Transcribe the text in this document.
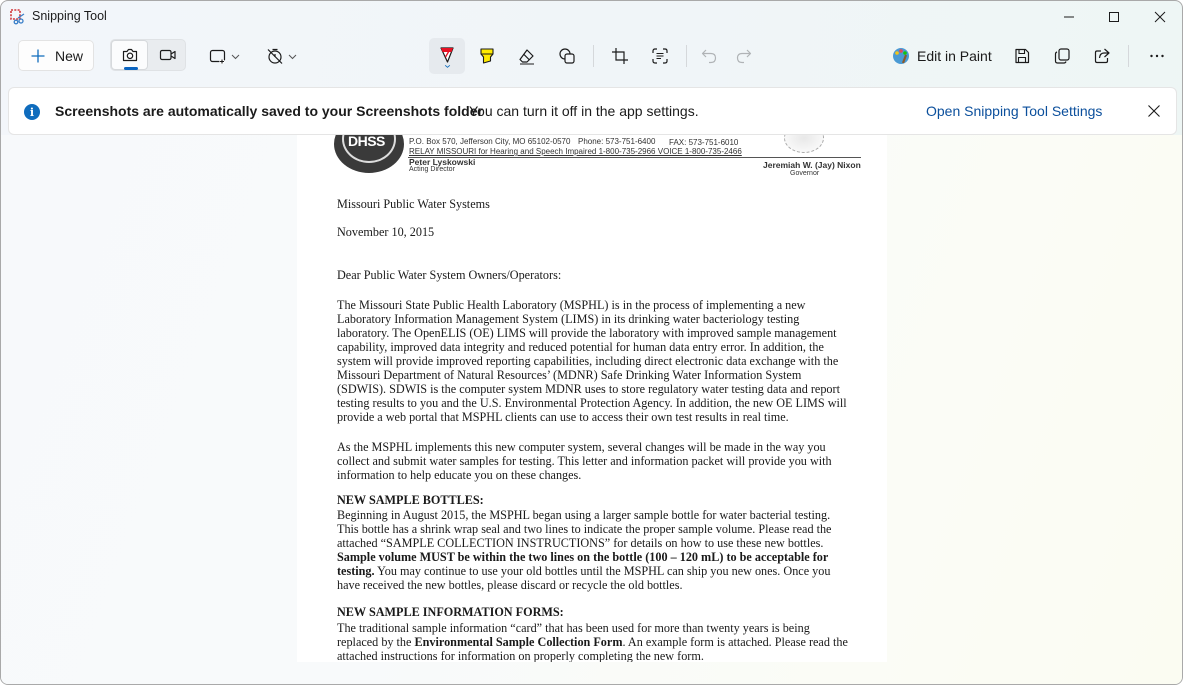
Snipping Tool
New	Edit in Paint
DHSS	P.O. Box 570, Jefferson City, MO 65102-0570 Phone: 573-751-6400 FAX: 573-751-6010
RELAY MISSOURI for Hearing and Speech Impaired 1-800-735-2966 VOICE 1-800-735-2466
Peter Lyskowski
Acting Director	Jeremiah W. (Jay) Nixon
Governor
Missouri Public Water Systems
November 10, 2015
Dear Public Water System Owners/Operators:
The Missouri State Public Health Laboratory (MSPHL) is in the process of implementing a new
Laboratory Information Management System (LIMS) in its drinking water bacteriology testing
laboratory. The OpenELIS (OE) LIMS will provide the laboratory with improved sample management
capability, improved data integrity and reduced potential for human data entry error. In addition, the
system will provide improved reporting capabilities, including direct electronic data exchange with the
Missouri Department of Natural Resources’ (MDNR) Safe Drinking Water Information System
(SDWIS). SDWIS is the computer system MDNR uses to store regulatory water testing data and report
testing results to you and the U.S. Environmental Protection Agency. In addition, the new OE LIMS will
provide a web portal that MSPHL clients can use to access their own test results in real time.
As the MSPHL implements this new computer system, several changes will be made in the way you
collect and submit water samples for testing. This letter and information packet will provide you with
information to help educate you on these changes.
NEW SAMPLE BOTTLES:
Beginning in August 2015, the MSPHL began using a larger sample bottle for water bacterial testing.
This bottle has a shrink wrap seal and two lines to indicate the proper sample volume. Please read the
attached “SAMPLE COLLECTION INSTRUCTIONS” for details on how to use these new bottles.
Sample volume MUST be within the two lines on the bottle (100 – 120 mL) to be acceptable for
testing. You may continue to use your old bottles until the MSPHL can ship you new ones. Once you
have received the new bottles, please discard or recycle the old bottles.
NEW SAMPLE INFORMATION FORMS:
The traditional sample information “card” that has been used for more than twenty years is being
replaced by the Environmental Sample Collection Form. An example form is attached. Please read the
attached instructions for information on properly completing the new form.
i	Screenshots are automatically saved to your Screenshots folder
You can turn it off in the app settings.	Open Snipping Tool Settings
